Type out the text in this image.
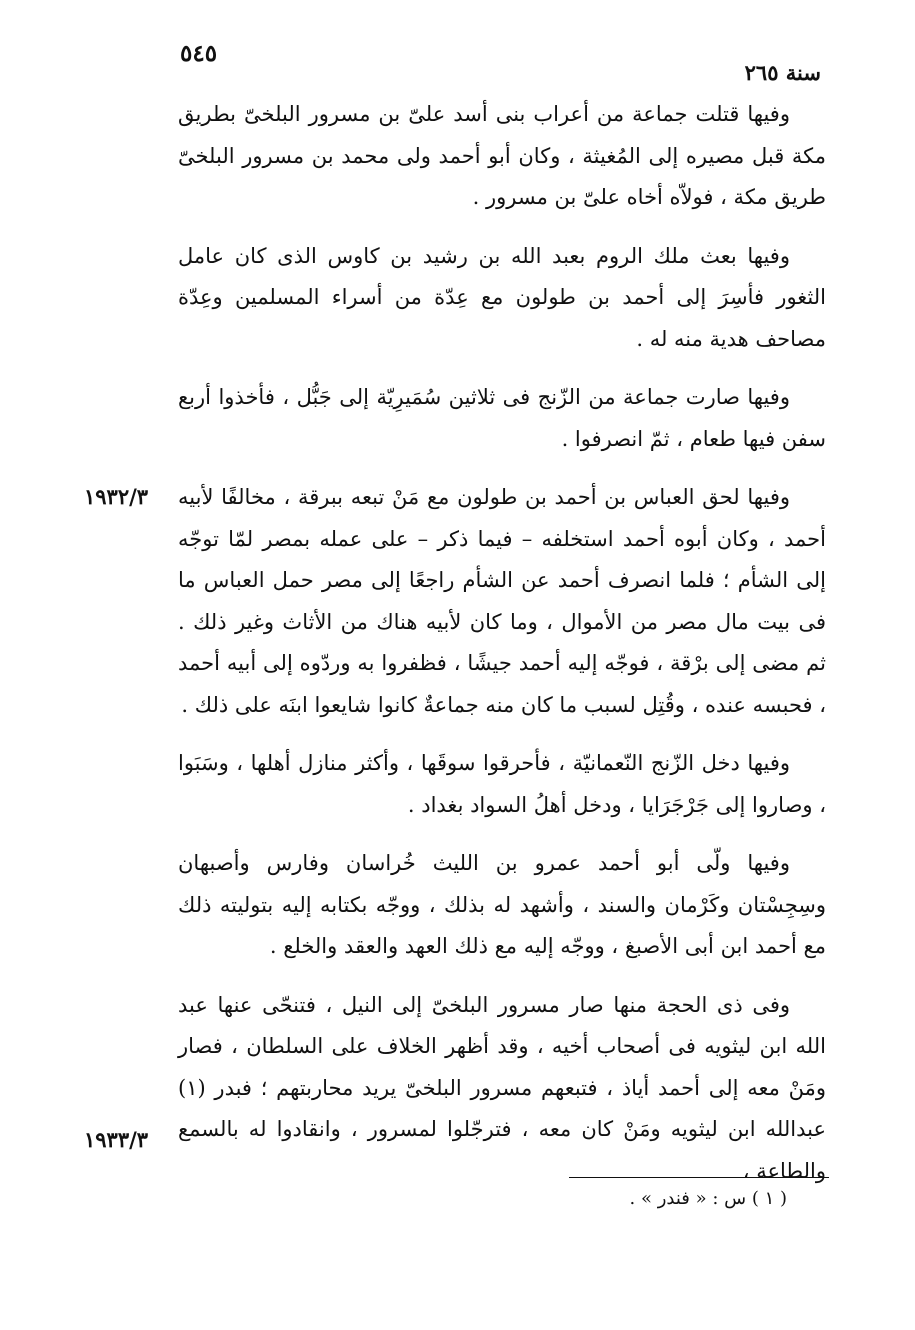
٥٤٥
سنة ٢٦٥

وفيها قتلت جماعة من أعراب بنى أسد علىّ بن مسرور البلخىّ بطريق مكة قبل مصيره إلى المُغيثة ، وكان أبو أحمد ولى محمد بن مسرور البلخىّ طريق مكة ، فولاّه أخاه علىّ بن مسرور .

وفيها بعث ملك الروم بعبد الله بن رشيد بن كاوس الذى كان عامل الثغور فأسِرَ إلى أحمد بن طولون مع عِدّة من أسراء المسلمين وعِدّة مصاحف هدية منه له .

وفيها صارت جماعة من الزّنج فى ثلاثين سُمَيرِيّة إلى جَبُّل ، فأخذوا أربع سفن فيها طعام ، ثمّ انصرفوا .

وفيها لحق العباس بن أحمد بن طولون مع مَنْ تبعه ببرقة ، مخالفًا لأبيه أحمد ، وكان أبوه أحمد استخلفه – فيما ذكر – على عمله بمصر لمّا توجّه إلى الشأم ؛ فلما انصرف أحمد عن الشأم راجعًا إلى مصر حمل العباس ما فى بيت مال مصر من الأموال ، وما كان لأبيه هناك من الأثاث وغير ذلك . ثم مضى إلى برْقة ، فوجّه إليه أحمد جيشًا ، فظفروا به وردّوه إلى أبيه أحمد ، فحبسه عنده ، وقُتِل لسبب ما كان منه جماعةٌ كانوا شايعوا ابنَه على ذلك .

وفيها دخل الزّنج النّعمانيّة ، فأحرقوا سوقَها ، وأكثر منازل أهلها ، وسَبَوا ، وصاروا إلى جَرْجَرَايا ، ودخل أهلُ السواد بغداد .

وفيها ولّى أبو أحمد عمرو بن الليث خُراسان وفارس وأصبهان وسِجِسْتان وكَرْمان والسند ، وأشهد له بذلك ، ووجّه بكتابه إليه بتوليته ذلك مع أحمد ابن أبى الأصبغ ، ووجّه إليه مع ذلك العهد والعقد والخلع .

وفى ذى الحجة منها صار مسرور البلخىّ إلى النيل ، فتنحّى عنها عبد الله ابن ليثويه فى أصحاب أخيه ، وقد أظهر الخلاف على السلطان ، فصار ومَنْ معه إلى أحمد أياذ ، فتبعهم مسرور البلخىّ يريد محاربتهم ؛ فبدر (١) عبدالله ابن ليثويه ومَنْ كان معه ، فترجّلوا لمسرور ، وانقادوا له بالسمع والطاعة ،

١٩٣٢/٣
١٩٣٣/٣
( ١ ) س : « فندر » .
